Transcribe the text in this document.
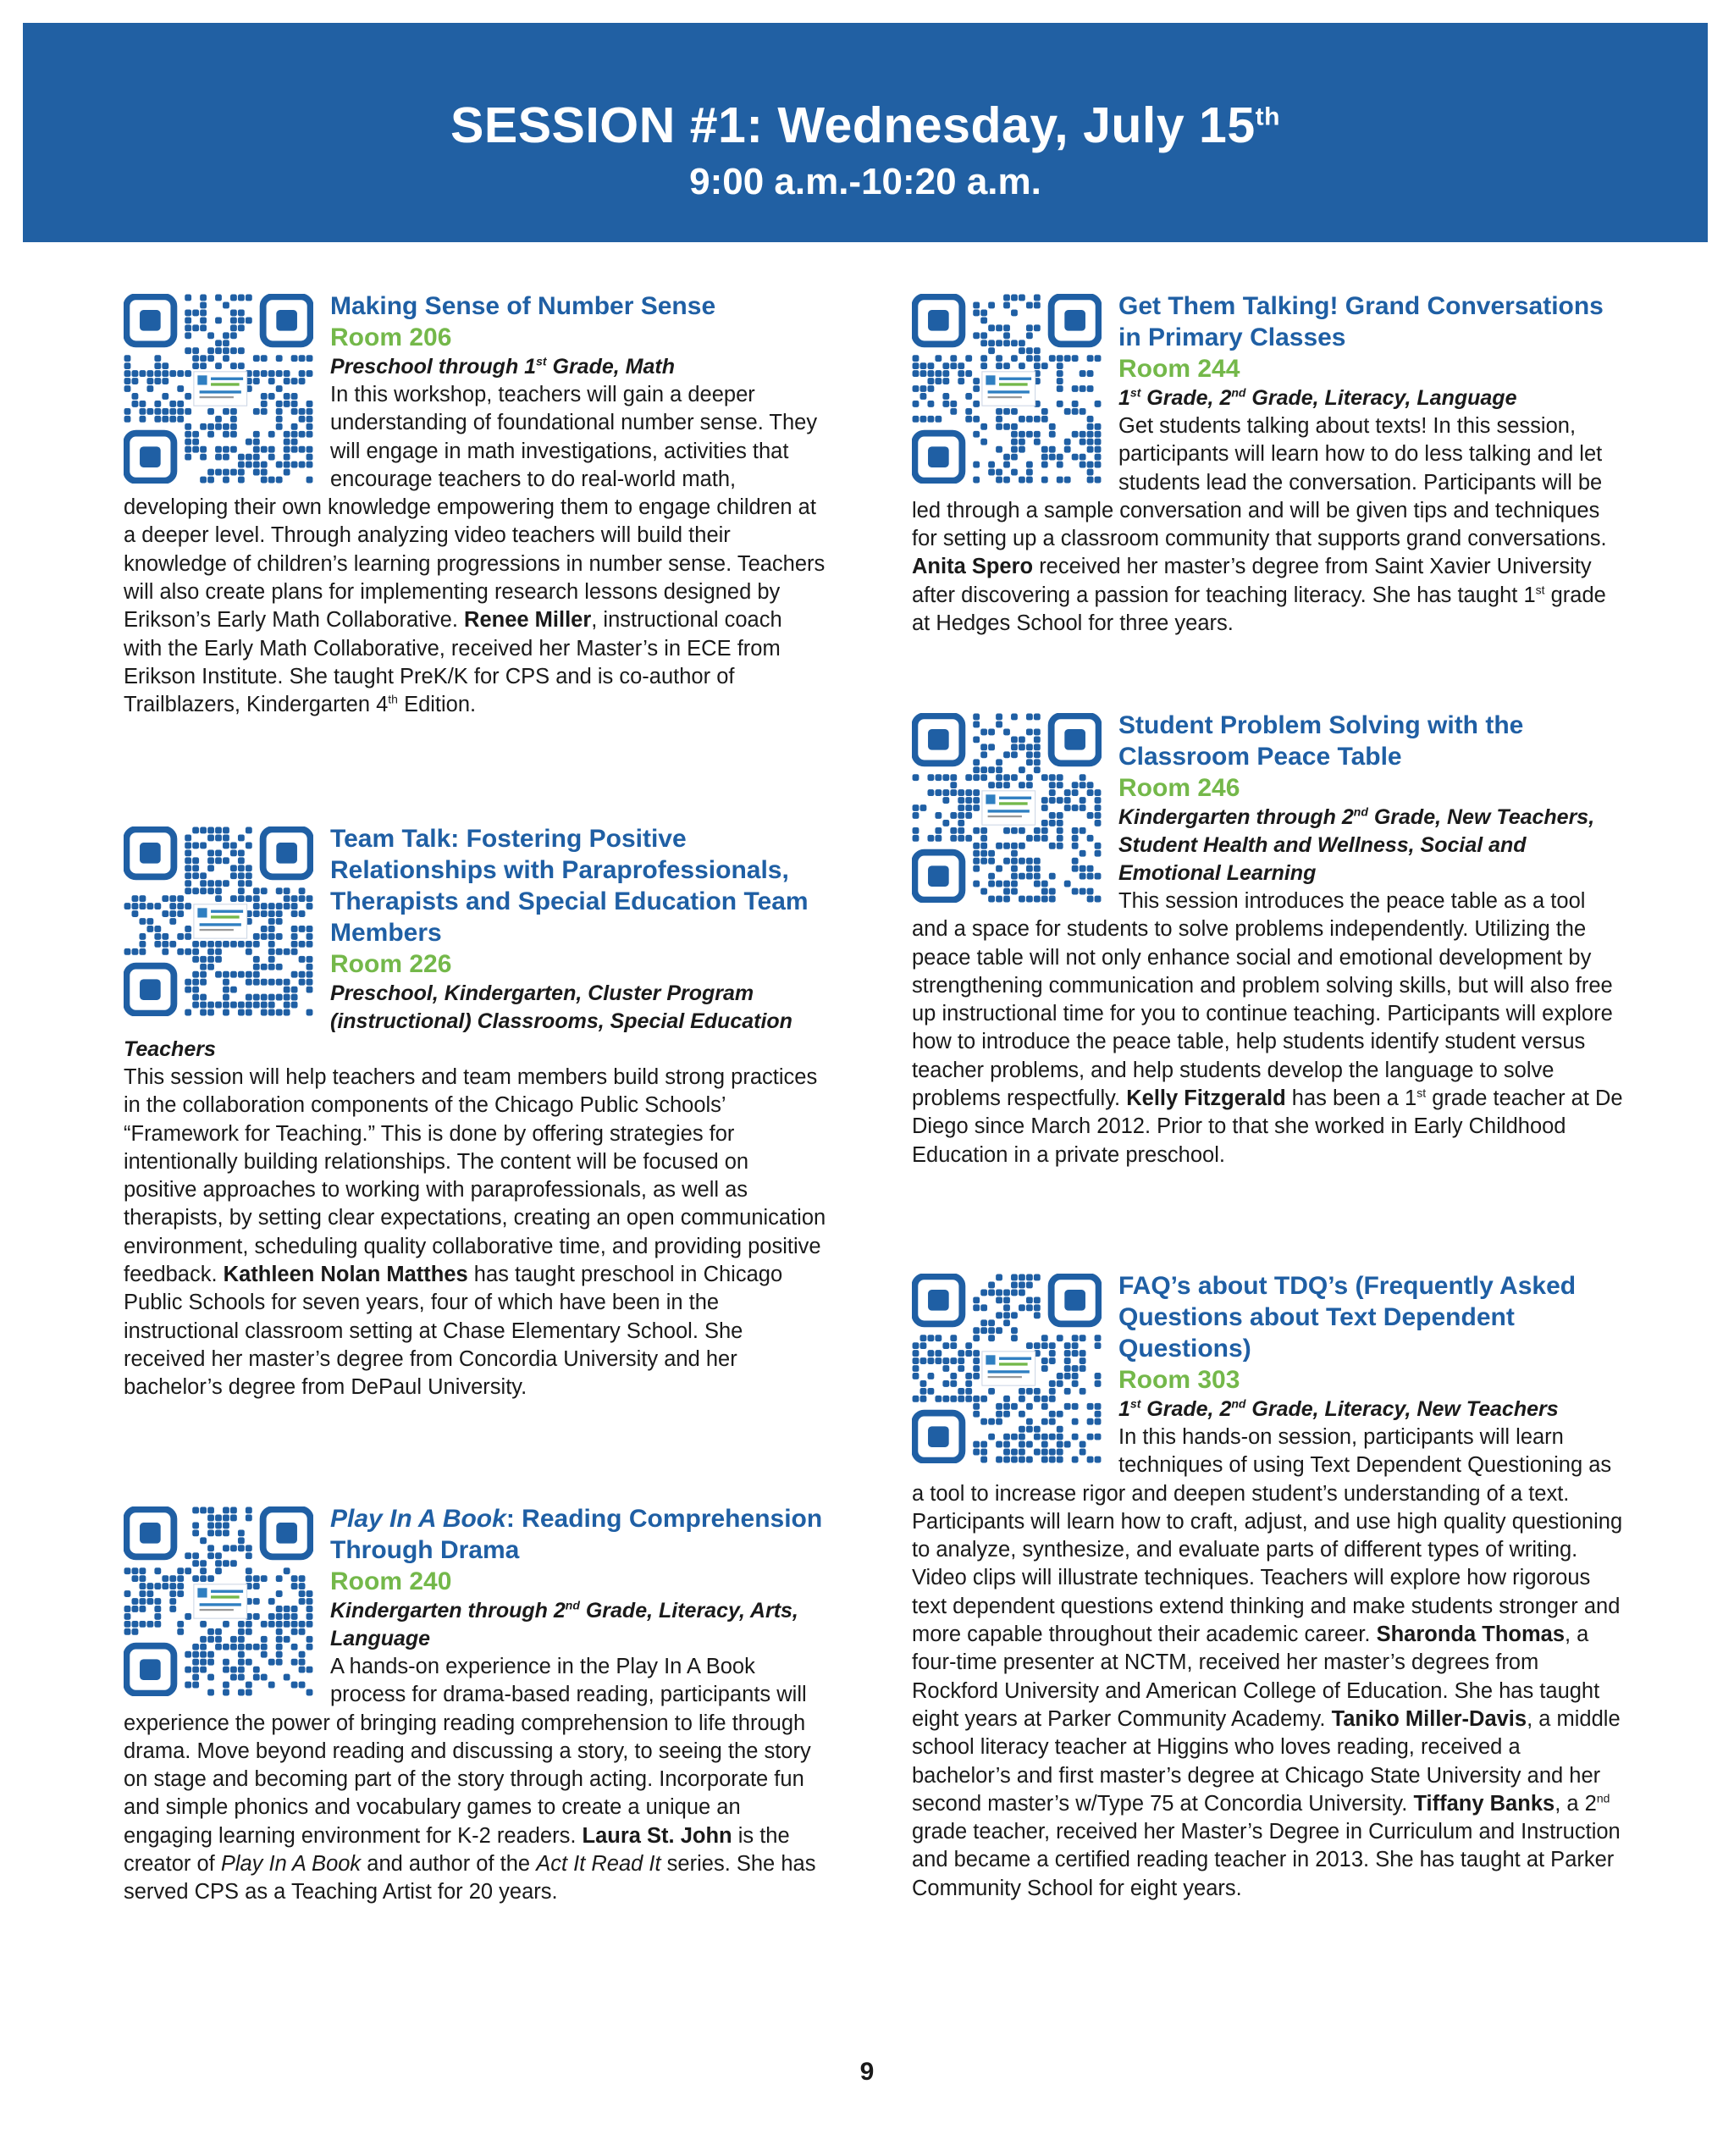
SESSION #1: Wednesday, July 15th
9:00 a.m.-10:20 a.m.

Making Sense of Number Sense

Room 206

Preschool through 1st Grade, Math

In this workshop, teachers will gain a deeper understanding of foundational number sense. They will engage in math investigations, activities that encourage teachers to do real-world math, developing their own knowledge empowering them to engage children at a deeper level. Through analyzing video teachers will build their knowledge of children’s learning progressions in number sense. Teachers will also create plans for implementing research lessons designed by Erikson’s Early Math Collaborative. Renee Miller, instructional coach with the Early Math Collaborative, received her Master’s in ECE from Erikson Institute. She taught PreK/K for CPS and is co-author of Trailblazers, Kindergarten 4th Edition.

Team Talk: Fostering Positive Relationships with Paraprofessionals, Therapists and Special Education Team Members

Room 226

Preschool, Kindergarten, Cluster Program (instructional) Classrooms, Special Education Teachers

This session will help teachers and team members build strong practices in the collaboration components of the Chicago Public Schools’ “Framework for Teaching.” This is done by offering strategies for intentionally building relationships. The content will be focused on positive approaches to working with paraprofessionals, as well as therapists, by setting clear expectations, creating an open communication environment, scheduling quality collaborative time, and providing positive feedback. Kathleen Nolan Matthes has taught preschool in Chicago Public Schools for seven years, four of which have been in the instructional classroom setting at Chase Elementary School. She received her master’s degree from Concordia University and her bachelor’s degree from DePaul University.

Play In A Book: Reading Comprehension Through Drama

Room 240

Kindergarten through 2nd Grade, Literacy, Arts, Language

A hands-on experience in the Play In A Book process for drama-based reading, participants will experience the power of bringing reading comprehension to life through drama. Move beyond reading and discussing a story, to seeing the story on stage and becoming part of the story through acting. Incorporate fun and simple phonics and vocabulary games to create a unique an engaging learning environment for K-2 readers. Laura St. John is the creator of Play In A Book and author of the Act It Read It series. She has served CPS as a Teaching Artist for 20 years.

Get Them Talking! Grand Conversations in Primary Classes

Room 244

1st Grade, 2nd Grade, Literacy, Language

Get students talking about texts! In this session, participants will learn how to do less talking and let students lead the conversation. Participants will be led through a sample conversation and will be given tips and techniques for setting up a classroom community that supports grand conversations. Anita Spero received her master’s degree from Saint Xavier University after discovering a passion for teaching literacy. She has taught 1st grade at Hedges School for three years.

Student Problem Solving with the Classroom Peace Table

Room 246

Kindergarten through 2nd Grade, New Teachers, Student Health and Wellness, Social and Emotional Learning

This session introduces the peace table as a tool and a space for students to solve problems independently. Utilizing the peace table will not only enhance social and emotional development by strengthening communication and problem solving skills, but will also free up instructional time for you to continue teaching. Participants will explore how to introduce the peace table, help students identify student versus teacher problems, and help students develop the language to solve problems respectfully. Kelly Fitzgerald has been a 1st grade teacher at De Diego since March 2012. Prior to that she worked in Early Childhood Education in a private preschool.

FAQ’s about TDQ’s (Frequently Asked Questions about Text Dependent Questions)

Room 303

1st Grade, 2nd Grade, Literacy, New Teachers

In this hands-on session, participants will learn techniques of using Text Dependent Questioning as a tool to increase rigor and deepen student’s understanding of a text. Participants will learn how to craft, adjust, and use high quality questioning to analyze, synthesize, and evaluate parts of different types of writing. Video clips will illustrate techniques. Teachers will explore how rigorous text dependent questions extend thinking and make students stronger and more capable throughout their academic career. Sharonda Thomas, a four-time presenter at NCTM, received her master’s degrees from Rockford University and American College of Education. She has taught eight years at Parker Community Academy. Taniko Miller-Davis, a middle school literacy teacher at Higgins who loves reading, received a bachelor’s and first master’s degree at Chicago State University and her second master’s w/Type 75 at Concordia University. Tiffany Banks, a 2nd grade teacher, received her Master’s Degree in Curriculum and Instruction and became a certified reading teacher in 2013. She has taught at Parker Community School for eight years.

9
